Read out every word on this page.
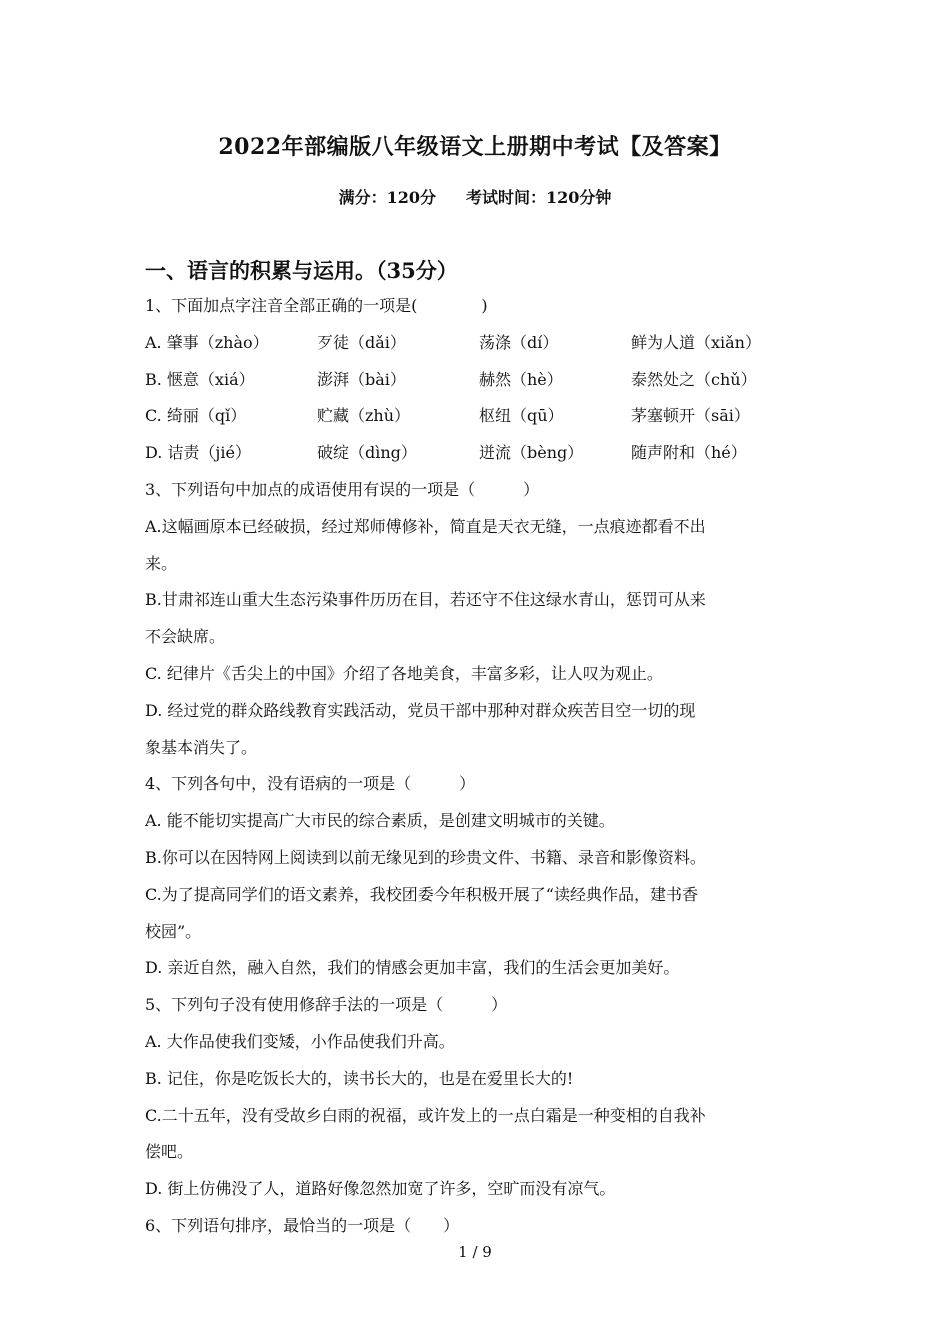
2022年部编版八年级语文上册期中考试【及答案】
满分：120分 考试时间：120分钟
一、语言的积累与运用。（35分）
1、下面加点字注音全部正确的一项是(　　　　)
A. 肇事（zhào）	歹徒（dǎi）	荡涤（dí）	鲜为人道（xiǎn）
B. 惬意（xiá）	澎湃（bài）	赫然（hè）	泰然处之（chǔ）
C. 绮丽（qǐ）	贮藏（zhù）	枢纽（qū）	茅塞顿开（sāi）
D. 诘责（jié）	破绽（dìng）	迸流（bèng）	随声附和（hé）
3、下列语句中加点的成语使用有误的一项是（　　　）
A.这幅画原本已经破损，经过郑师傅修补，简直是天衣无缝，一点痕迹都看不出
来。
B.甘肃祁连山重大生态污染事件历历在目，若还守不住这绿水青山，惩罚可从来
不会缺席。
C. 纪律片《舌尖上的中国》介绍了各地美食，丰富多彩，让人叹为观止。
D. 经过党的群众路线教育实践活动，党员干部中那种对群众疾苦目空一切的现
象基本消失了。
4、下列各句中，没有语病的一项是（　　　）
A. 能不能切实提高广大市民的综合素质，是创建文明城市的关键。
B.你可以在因特网上阅读到以前无缘见到的珍贵文件、书籍、录音和影像资料。
C.为了提高同学们的语文素养，我校团委今年积极开展了“读经典作品，建书香
校园”。
D. 亲近自然，融入自然，我们的情感会更加丰富，我们的生活会更加美好。
5、下列句子没有使用修辞手法的一项是（　　　）
A. 大作品使我们变矮，小作品使我们升高。
B. 记住，你是吃饭长大的，读书长大的，也是在爱里长大的!
C.二十五年，没有受故乡白雨的祝福，或许发上的一点白霜是一种变相的自我补
偿吧。
D. 街上仿佛没了人，道路好像忽然加宽了许多，空旷而没有凉气。
6、下列语句排序，最恰当的一项是（　　）
1 / 9
